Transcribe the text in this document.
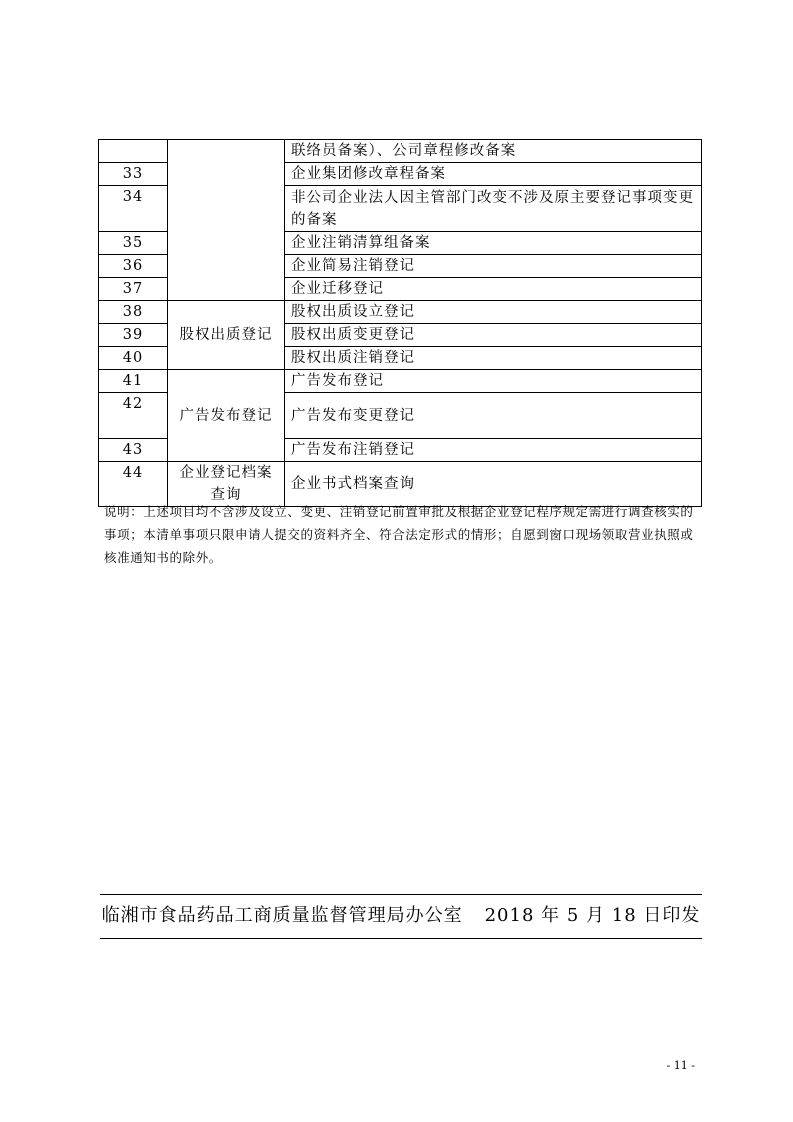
		联络员备案）、公司章程修改备案
33		企业集团修改章程备案
34		非公司企业法人因主管部门改变不涉及原主要登记事项变更的备案
35		企业注销清算组备案
36		企业简易注销登记
37		企业迁移登记
38	股权出质登记	股权出质设立登记
39		股权出质变更登记
40		股权出质注销登记
41	广告发布登记	广告发布登记
42		广告发布变更登记
43		广告发布注销登记
44	企业登记档案查询	企业书式档案查询
说明：上述项目均不含涉及设立、变更、注销登记前置审批及根据企业登记程序规定需进行调查核实的事项；本清单事项只限申请人提交的资料齐全、符合法定形式的情形；自愿到窗口现场领取营业执照或核准通知书的除外。
临湘市食品药品工商质量监督管理局办公室 2018 年 5 月 18 日印发
- 11 -
